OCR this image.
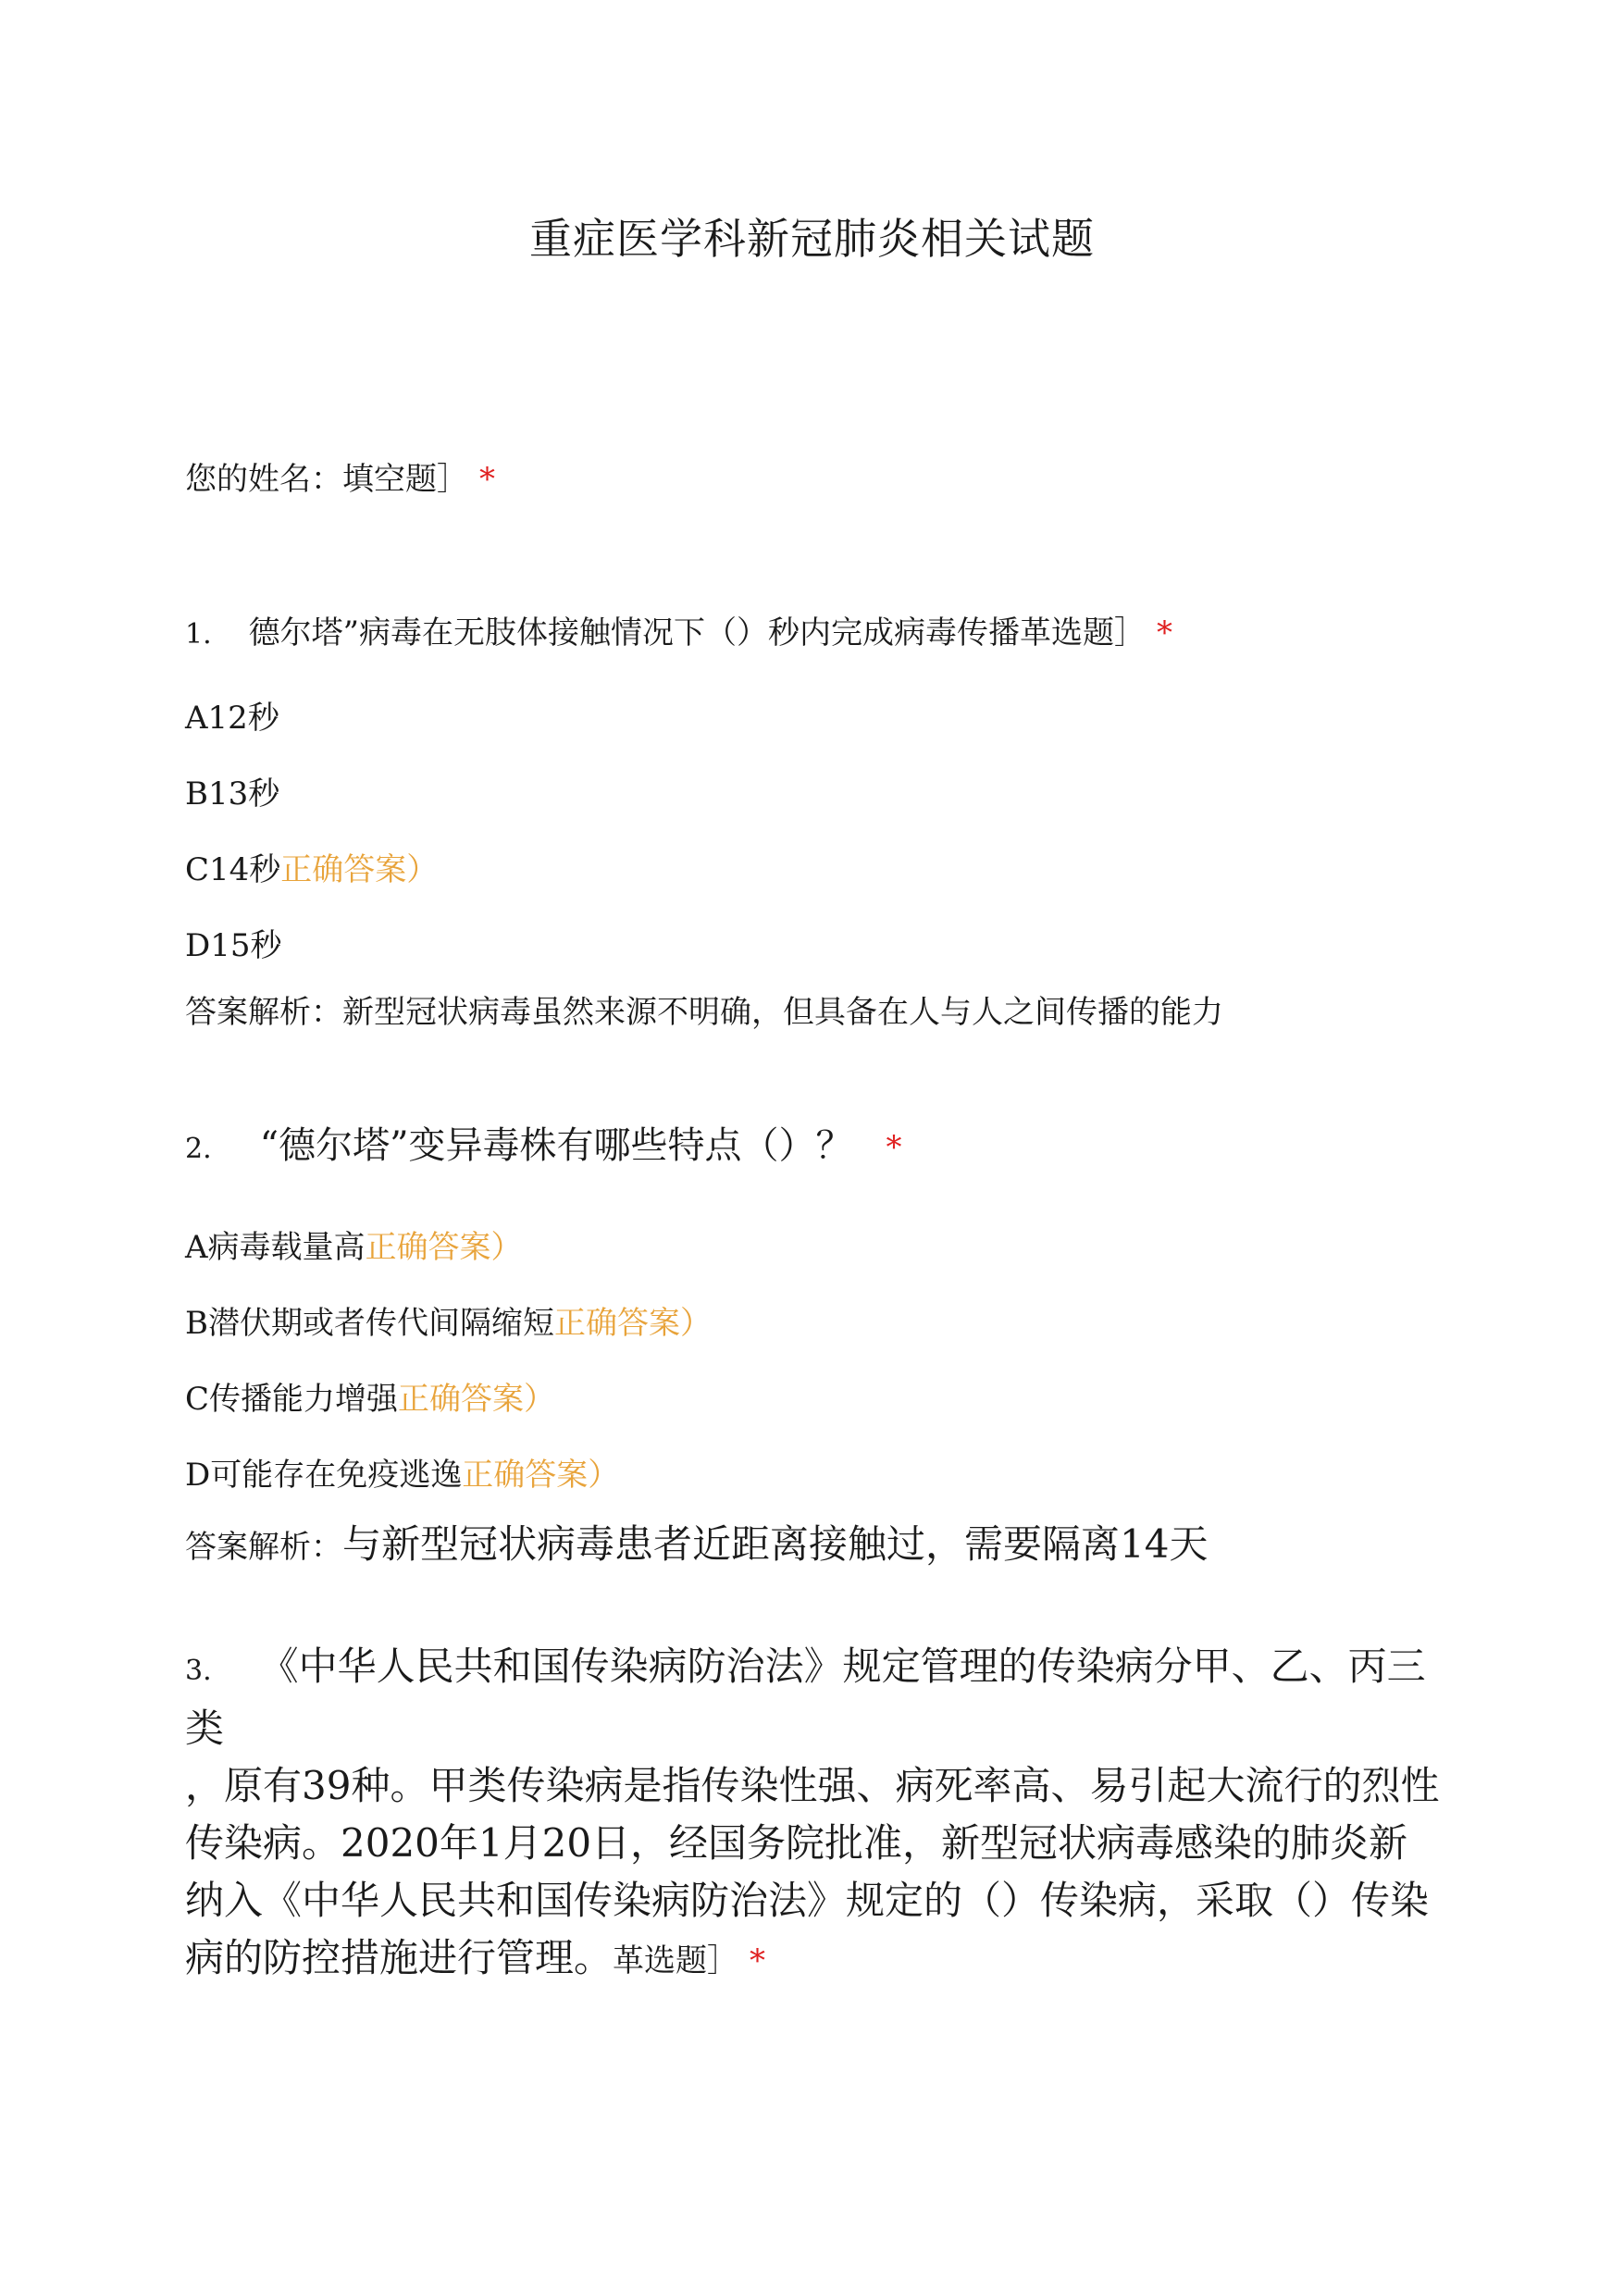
重症医学科新冠肺炎相关试题
您的姓名：填空题］ *
1. 德尔塔”病毒在无肢体接触情况下（）秒内完成病毒传播革选题］ *
A12秒
B13秒
C14秒正确答案）
D15秒
答案解析：新型冠状病毒虽然来源不明确，但具备在人与人之间传播的能力
2. “德尔塔”变异毒株有哪些特点（）？ *
A病毒载量高正确答案）
B潜伏期或者传代间隔缩短正确答案）
C传播能力增强正确答案）
D可能存在免疫逃逸正确答案）
答案解析：与新型冠状病毒患者近距离接触过，需要隔离14天
3. 《中华人民共和国传染病防治法》规定管理的传染病分甲、乙、丙三类
，原有39种。甲类传染病是指传染性强、病死率高、易引起大流行的烈性
传染病。2020年1月20日，经国务院批准，新型冠状病毒感染的肺炎新
纳入《中华人民共和国传染病防治法》规定的（）传染病，采取（）传染
病的防控措施进行管理。革选题］ *
